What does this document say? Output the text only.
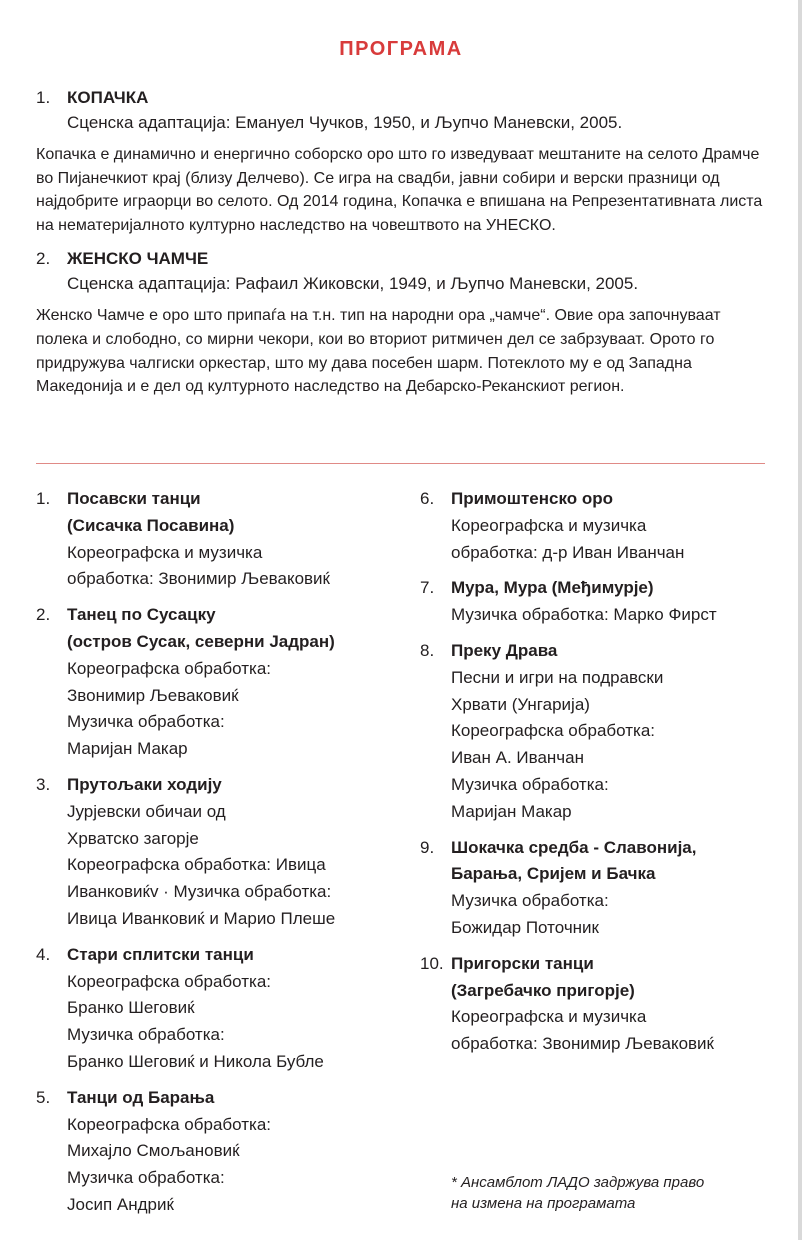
ПРОГРАМА
1. КОПАЧКА
Сценска адаптација: Емануел Чучков, 1950, и Љупчо Маневски, 2005.
Копачка е динамично и енергично соборско оро што го изведуваат мештаните на селото Драмче во Пијанечкиот крај (близу Делчево). Се игра на свадби, јавни собири и верски празници од најдобрите играорци во селото. Од 2014 година, Копачка е впишана на Репрезентативната листа на нематеријалното културно наследство на човештвото на УНЕСКО.
2. ЖЕНСКО ЧАМЧЕ
Сценска адаптација: Рафаил Жиковски, 1949, и Љупчо Маневски, 2005.
Женско Чамче е оро што припаѓа на т.н. тип на народни ора „чамче“. Овие ора започнуваат полека и слободно, со мирни чекори, кои во вториот ритмичен дел се забрзуваат. Орото го придружува чалгиски оркестар, што му дава посебен шарм. Потеклото му е од Западна Македонија и е дел од културното наследство на Дебарско-Реканскиот регион.
1. Посавски танци
(Сисачка Посавина)
Кореографска и музичка
обработка: Звонимир Љеваковиќ
2. Танец по Сусацку
(остров Сусак, северни Јадран)
Кореографска обработка:
Звонимир Љеваковиќ
Музичка обработка:
Маријан Макар
3. Прутољаки ходију
Јурјевски обичаи од
Хрватско загорје
Кореографска обработка: Ивица
Иванковиќv · Музичка обработка:
Ивица Иванковиќ и Марио Плеше
4. Стари сплитски танци
Кореографска обработка:
Бранко Шеговиќ
Музичка обработка:
Бранко Шеговиќ и Никола Бубле
5. Танци од Барања
Кореографска обработка:
Михајло Смољановиќ
Музичка обработка:
Јосип Андриќ
6. Примоштенско оро
Кореографска и музичка
обработка: д-р Иван Иванчан
7. Мура, Мура (Међимурје)
Музичка обработка: Марко Фирст
8. Преку Драва
Песни и игри на подравски
Хрвати (Унгарија)
Кореографска обработка:
Иван А. Иванчан
Музичка обработка:
Маријан Макар
9. Шокачка средба - Славонија,
Барања, Сријем и Бачка
Музичка обработка:
Божидар Поточник
10. Пригорски танци
(Загребачко пригорје)
Кореографска и музичка
обработка: Звонимир Љеваковиќ
* Ансамблот ЛАДО задржува право
на измена на програмата
